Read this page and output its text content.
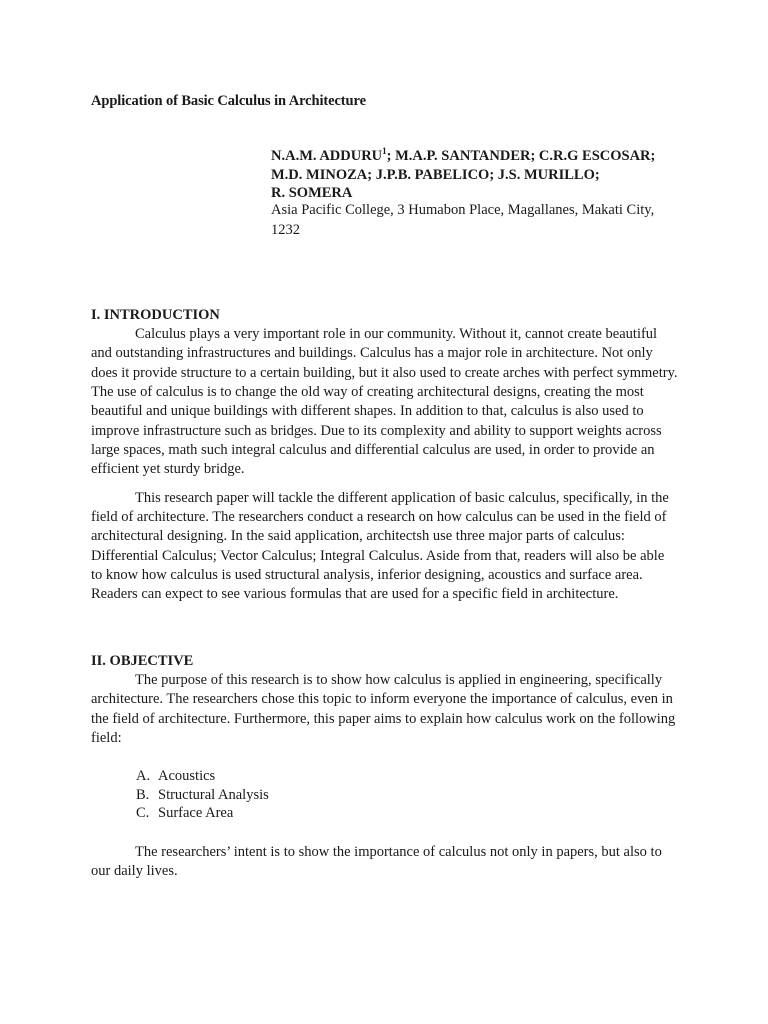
Application of Basic Calculus in Architecture
N.A.M. ADDURU$^1$; M.A.P. SANTANDER; C.R.G ESCOSAR;
M.D. MINOZA; J.P.B. PABELICO; J.S. MURILLO;
R. SOMERA
Asia Pacific College, 3 Humabon Place, Magallanes, Makati City, 1232
I. INTRODUCTION

Calculus plays a very important role in our community. Without it, cannot create beautiful and outstanding infrastructures and buildings. Calculus has a major role in architecture. Not only does it provide structure to a certain building, but it also used to create arches with perfect symmetry. The use of calculus is to change the old way of creating architectural designs, creating the most beautiful and unique buildings with different shapes. In addition to that, calculus is also used to improve infrastructure such as bridges. Due to its complexity and ability to support weights across large spaces, math such integral calculus and differential calculus are used, in order to provide an efficient yet sturdy bridge.

This research paper will tackle the different application of basic calculus, specifically, in the field of architecture. The researchers conduct a research on how calculus can be used in the field of architectural designing. In the said application, architectsh use three major parts of calculus: Differential Calculus; Vector Calculus; Integral Calculus. Aside from that, readers will also be able to know how calculus is used structural analysis, inferior designing, acoustics and surface area. Readers can expect to see various formulas that are used for a specific field in architecture.

II. OBJECTIVE

The purpose of this research is to show how calculus is applied in engineering, specifically architecture. The researchers chose this topic to inform everyone the importance of calculus, even in the field of architecture. Furthermore, this paper aims to explain how calculus work on the following field:

A. Acoustics
B. Structural Analysis
C. Surface Area

The researchers’ intent is to show the importance of calculus not only in papers, but also to our daily lives.
